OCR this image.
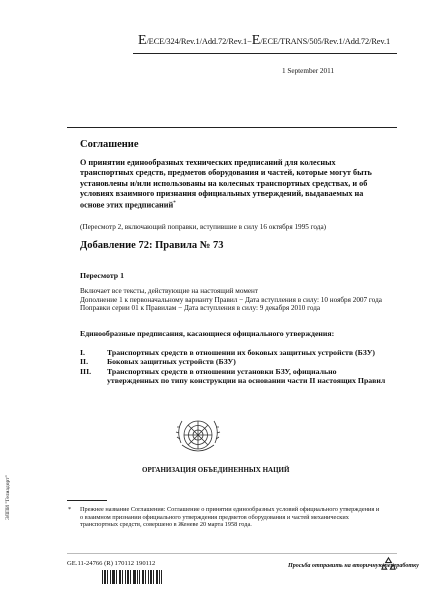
E/ECE/324/Rev.1/Add.72/Rev.1−E/ECE/TRANS/505/Rev.1/Add.72/Rev.1
1 September 2011
Соглашение

О принятии единообразных технических предписаний для колесных транспортных средств, предметов оборудования и частей, которые могут быть установлены и/или использованы на колесных транспортных средствах, и об условиях взаимного признания официальных утверждений, выдаваемых на основе этих предписаний*

(Пересмотр 2, включающий поправки, вступившие в силу 16 октября 1995 года)
Добавление 72: Правила № 73
Пересмотр 1
Включает все тексты, действующие на настоящий момент
Дополнение 1 к первоначальному варианту Правил − Дата вступления в силу: 10 ноября 2007 года
Поправки серии 01 к Правилам − Дата вступления в силу: 9 декабря 2010 года
Единообразные предписания, касающиеся официального утверждения:
I.	Транспортных средств в отношении их боковых защитных устройств (БЗУ)
II.	Боковых защитных устройств (БЗУ)
III.	Транспортных средств в отношении установки БЗУ, официально утвержденных по типу конструкции на основании части II настоящих Правил
ОРГАНИЗАЦИЯ ОБЪЕДИНЕННЫХ НАЦИЙ
* Прежнее название Соглашения: Соглашение о принятии единообразных условий официального утверждения и о взаимном признании официального утверждения предметов оборудования и частей механических транспортных средств, совершено в Женеве 20 марта 1958 года.
GE.11-24766 (R) 170112 190112	Просьба отправить на вторичную переработку
ЭЛПИ "Гелиадорт"
